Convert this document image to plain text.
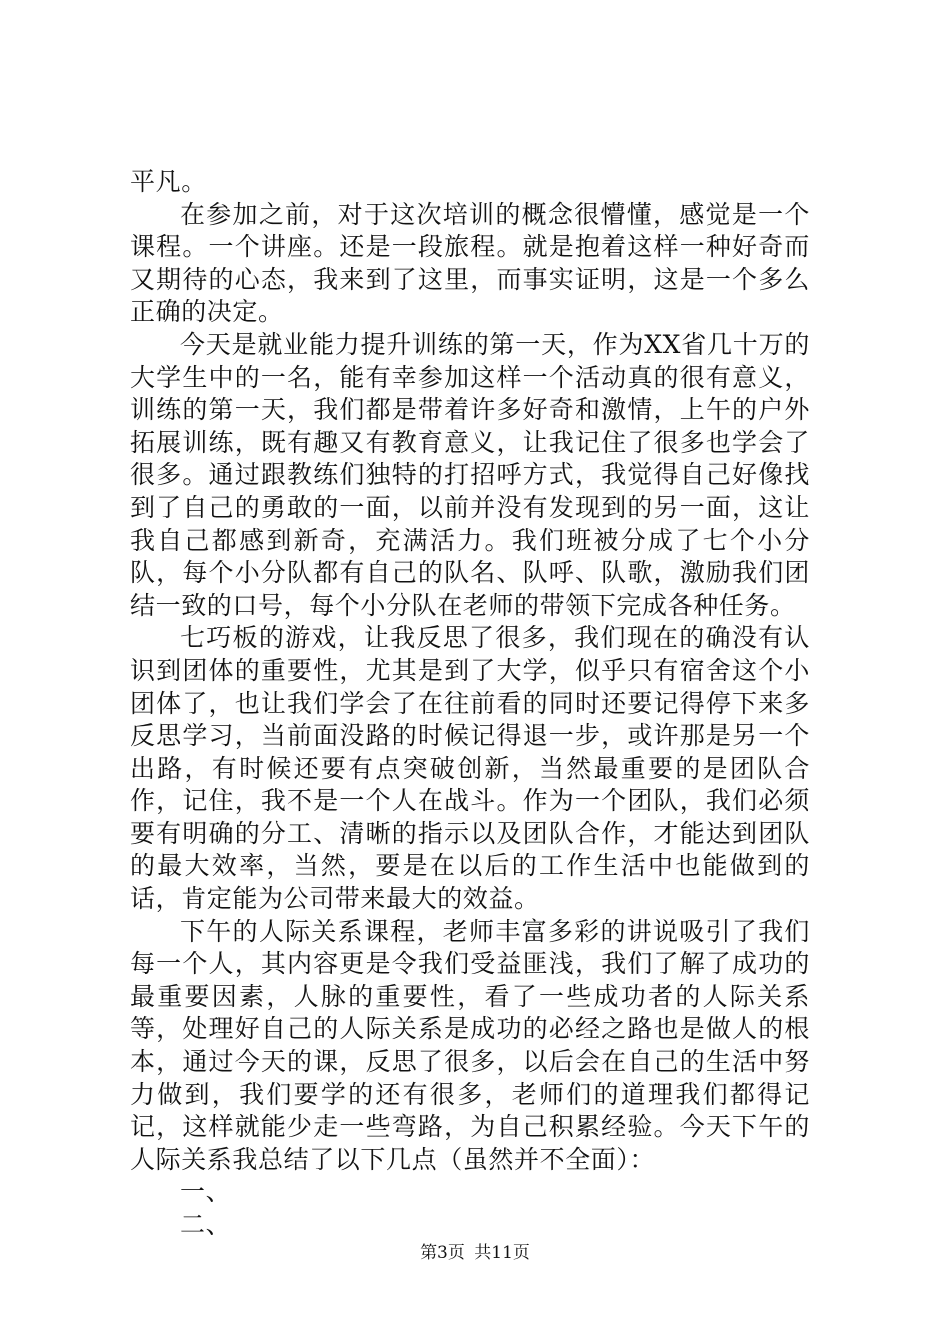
平凡。

在参加之前，对于这次培训的概念很懵懂，感觉是一个课程。一个讲座。还是一段旅程。就是抱着这样一种好奇而又期待的心态，我来到了这里，而事实证明，这是一个多么正确的决定。

今天是就业能力提升训练的第一天，作为XX省几十万的大学生中的一名，能有幸参加这样一个活动真的很有意义，训练的第一天，我们都是带着许多好奇和激情，上午的户外拓展训练，既有趣又有教育意义，让我记住了很多也学会了很多。通过跟教练们独特的打招呼方式，我觉得自己好像找到了自己的勇敢的一面，以前并没有发现到的另一面，这让我自己都感到新奇，充满活力。我们班被分成了七个小分队，每个小分队都有自己的队名、队呼、队歌，激励我们团结一致的口号，每个小分队在老师的带领下完成各种任务。

七巧板的游戏，让我反思了很多，我们现在的确没有认识到团体的重要性，尤其是到了大学，似乎只有宿舍这个小团体了，也让我们学会了在往前看的同时还要记得停下来多反思学习，当前面没路的时候记得退一步，或许那是另一个出路，有时候还要有点突破创新，当然最重要的是团队合作，记住，我不是一个人在战斗。作为一个团队，我们必须要有明确的分工、清晰的指示以及团队合作，才能达到团队的最大效率，当然，要是在以后的工作生活中也能做到的话，肯定能为公司带来最大的效益。

下午的人际关系课程，老师丰富多彩的讲说吸引了我们每一个人，其内容更是令我们受益匪浅，我们了解了成功的最重要因素，人脉的重要性，看了一些成功者的人际关系等，处理好自己的人际关系是成功的必经之路也是做人的根本，通过今天的课，反思了很多，以后会在自己的生活中努力做到，我们要学的还有很多，老师们的道理我们都得记记，这样就能少走一些弯路，为自己积累经验。今天下午的人际关系我总结了以下几点（虽然并不全面）：

一、

二、

第3页 共11页
